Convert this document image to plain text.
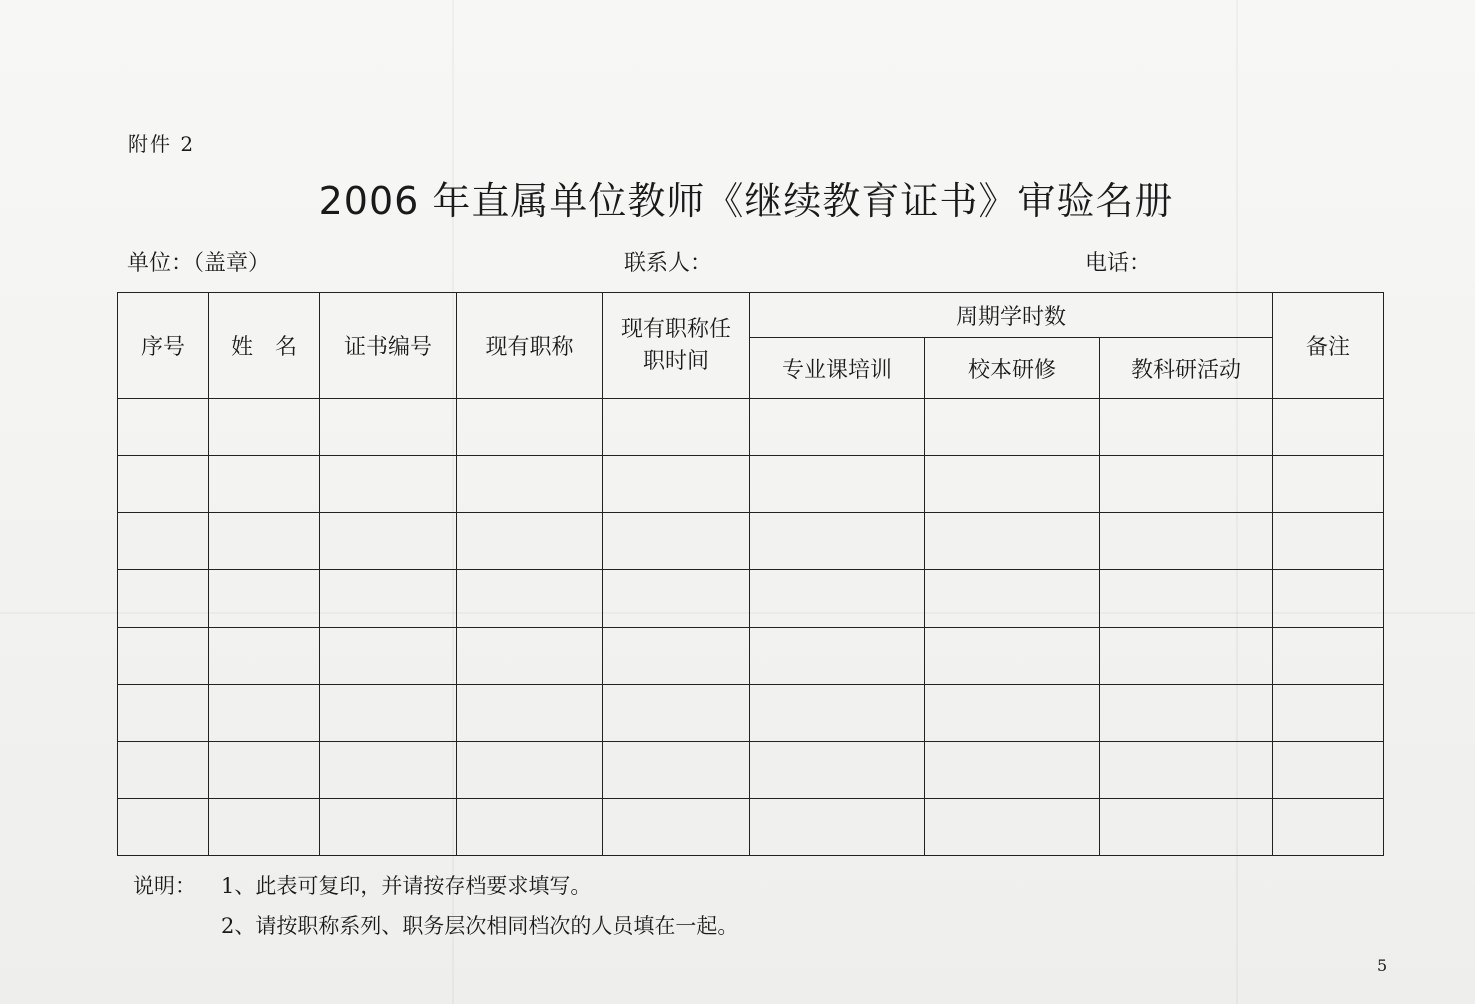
附件 2
2006 年直属单位教师《继续教育证书》审验名册
单位：（盖章）	联系人：	电话：
序号	姓　名	证书编号	现有职称	现有职称任职时间	周期学时数			备注
					专业课培训	校本研修	教科研活动	

说明： 1、此表可复印，并请按存档要求填写。
2、请按职称系列、职务层次相同档次的人员填在一起。
5
